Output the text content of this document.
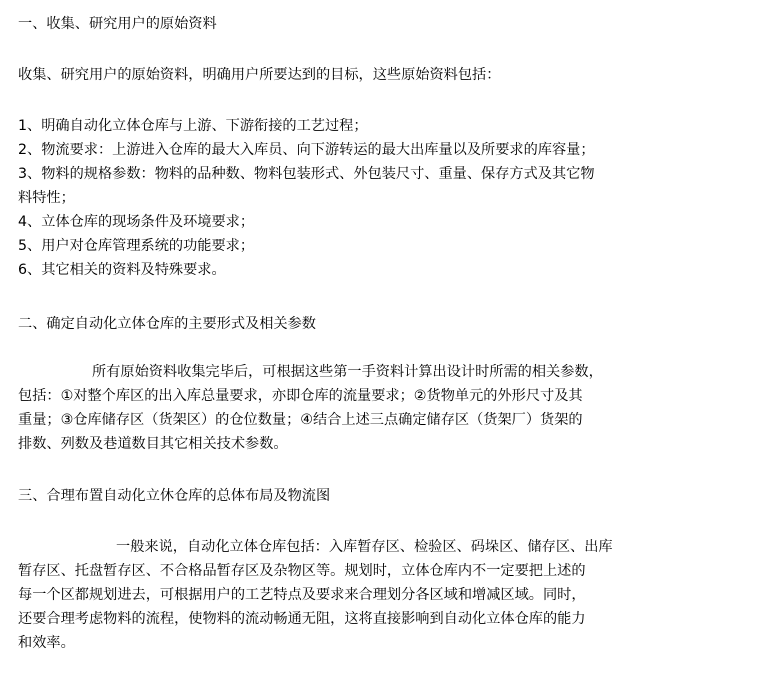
一、收集、研究用户的原始资料

收集、研究用户的原始资料，明确用户所要达到的目标，这些原始资料包括：

1、明确自动化立体仓库与上游、下游衔接的工艺过程；

2、物流要求：上游进入仓库的最大入库员、向下游转运的最大出库量以及所要求的库容量；

3、物料的规格参数：物料的品种数、物料包装形式、外包装尺寸、重量、保存方式及其它物

料特性；

4、立体仓库的现场条件及环境要求；

5、用户对仓库管理系统的功能要求；

6、其它相关的资料及特殊要求。

二、确定自动化立体仓库的主要形式及相关参数

所有原始资料收集完毕后，可根据这些第一手资料计算出设计时所需的相关参数，

包括：①对整个库区的出入库总量要求，亦即仓库的流量要求；②货物单元的外形尺寸及其

重量；③仓库储存区（货架区）的仓位数量；④结合上述三点确定储存区（货架厂）货架的

排数、列数及巷道数目其它相关技术参数。

三、合理布置自动化立休仓库的总体布局及物流图

一般来说，自动化立体仓库包括：入库暂存区、检验区、码垛区、储存区、出库

暂存区、托盘暂存区、不合格品暂存区及杂物区等。规划时，立体仓库内不一定要把上述的

每一个区都规划进去，可根据用户的工艺特点及要求来合理划分各区域和增减区域。同时，

还要合理考虑物料的流程，使物料的流动畅通无阻，这将直接影响到自动化立体仓库的能力

和效率。
